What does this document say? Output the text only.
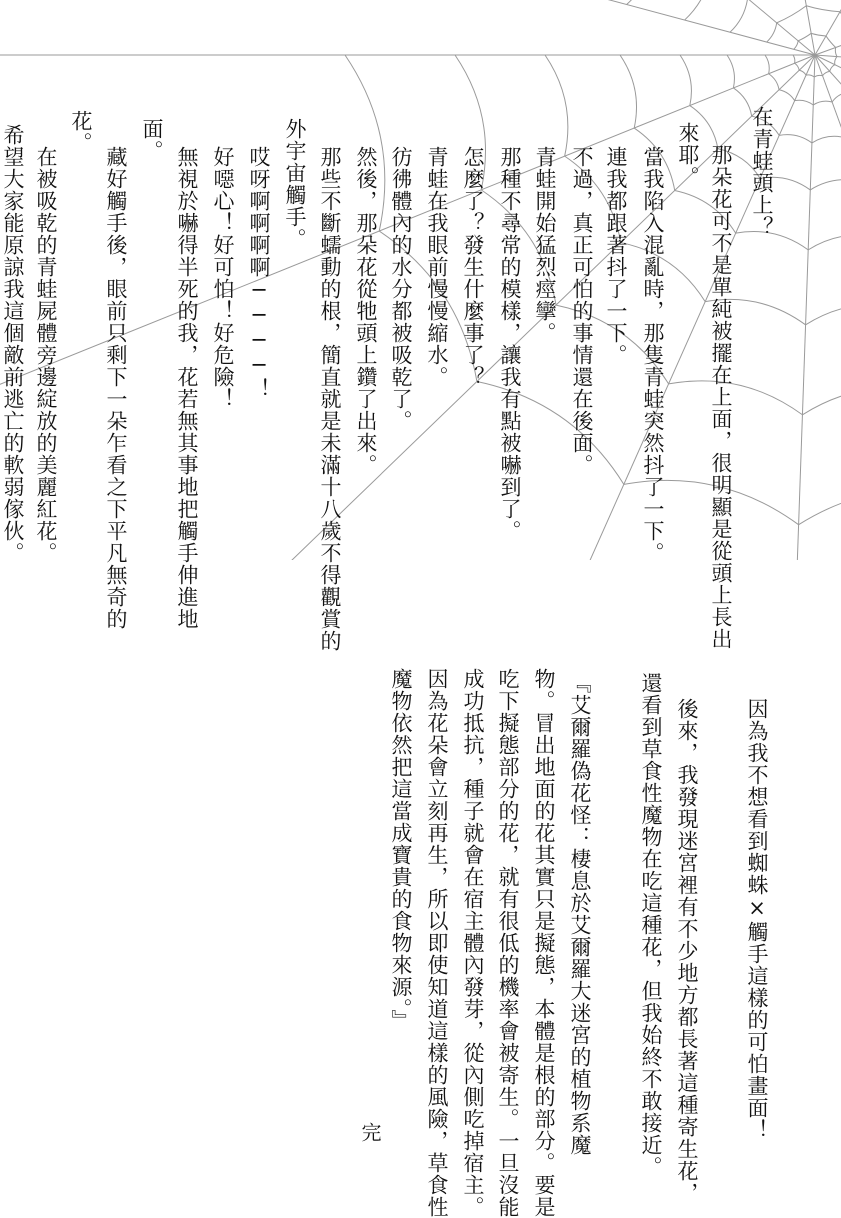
在青蛙頭上？
那朵花可不是單純被擺在上面，很明顯是從頭上長出
來耶。
當我陷入混亂時，那隻青蛙突然抖了一下。
連我都跟著抖了一下。
不過，真正可怕的事情還在後面。
青蛙開始猛烈痙攣。
那種不尋常的模樣，讓我有點被嚇到了。
怎麼了？發生什麼事了？
青蛙在我眼前慢慢縮水。
彷彿體內的水分都被吸乾了。
然後，那朵花從牠頭上鑽了出來。
那些不斷蠕動的根，簡直就是未滿十八歲不得觀賞的
外宇宙觸手。
哎呀啊啊啊啊────！
好噁心！好可怕！好危險！
無視於嚇得半死的我，花若無其事地把觸手伸進地
面。
藏好觸手後，眼前只剩下一朵乍看之下平凡無奇的
花。
在被吸乾的青蛙屍體旁邊綻放的美麗紅花。
希望大家能原諒我這個敵前逃亡的軟弱傢伙。
因為我不想看到蜘蛛×觸手這樣的可怕畫面！
後來，我發現迷宮裡有不少地方都長著這種寄生花，
還看到草食性魔物在吃這種花，但我始終不敢接近。
『艾爾羅偽花怪：棲息於艾爾羅大迷宮的植物系魔
物。冒出地面的花其實只是擬態，本體是根的部分。要是
吃下擬態部分的花，就有很低的機率會被寄生。一旦沒能
成功抵抗，種子就會在宿主體內發芽，從內側吃掉宿主。
因為花朵會立刻再生，所以即使知道這樣的風險，草食性
魔物依然把這當成寶貴的食物來源。』
完
